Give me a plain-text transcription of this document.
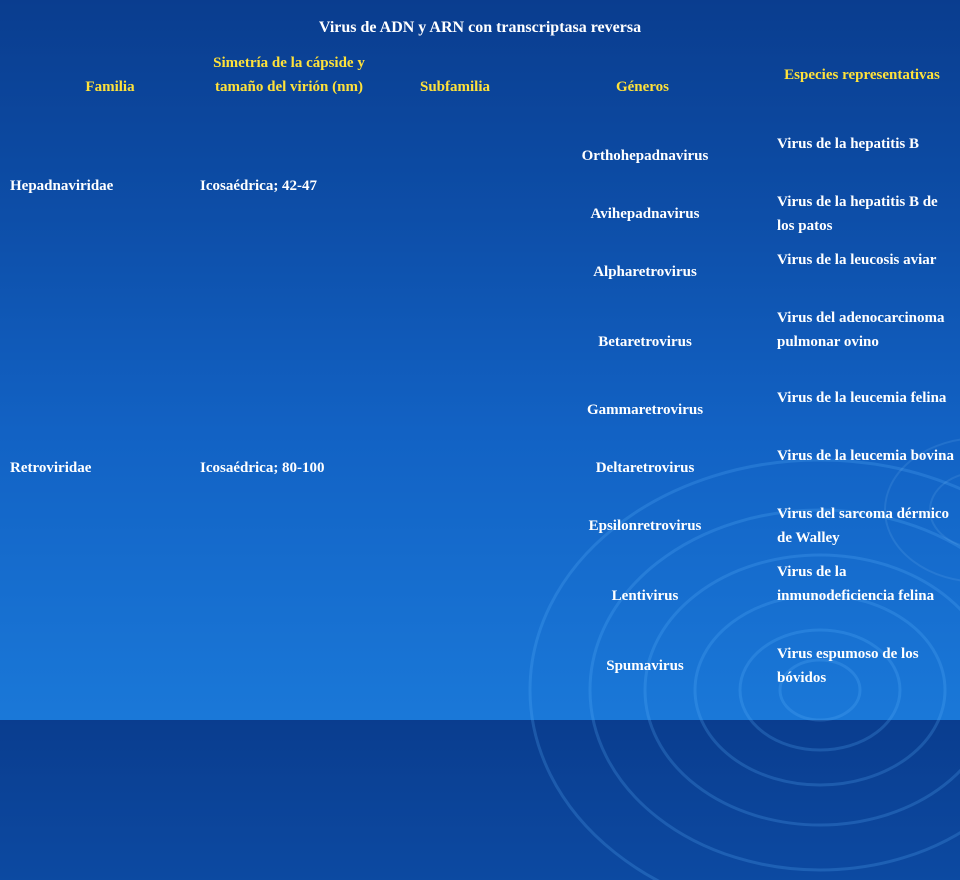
Virus de ADN y ARN con transcriptasa reversa
Familia
Simetría de la cápside y tamaño del virión (nm)	Subfamilia	Géneros
Especies representativas
Hepadnaviridae
Retroviridae
Icosaédrica; 42-47
Icosaédrica; 80-100
Orthohepadnavirus
Avihepadnavirus
Alpharetrovirus
Betaretrovirus
Gammaretrovirus
Deltaretrovirus
Epsilonretrovirus
Lentivirus
Spumavirus
Virus de la hepatitis B
Virus de la hepatitis B de los patos
Virus de la leucosis aviar
Virus del adenocarcinoma pulmonar ovino
Virus de la leucemia felina
Virus de la leucemia bovina
Virus del sarcoma dérmico de Walley
Virus de la inmunodeficiencia felina
Virus espumoso de los bóvidos
